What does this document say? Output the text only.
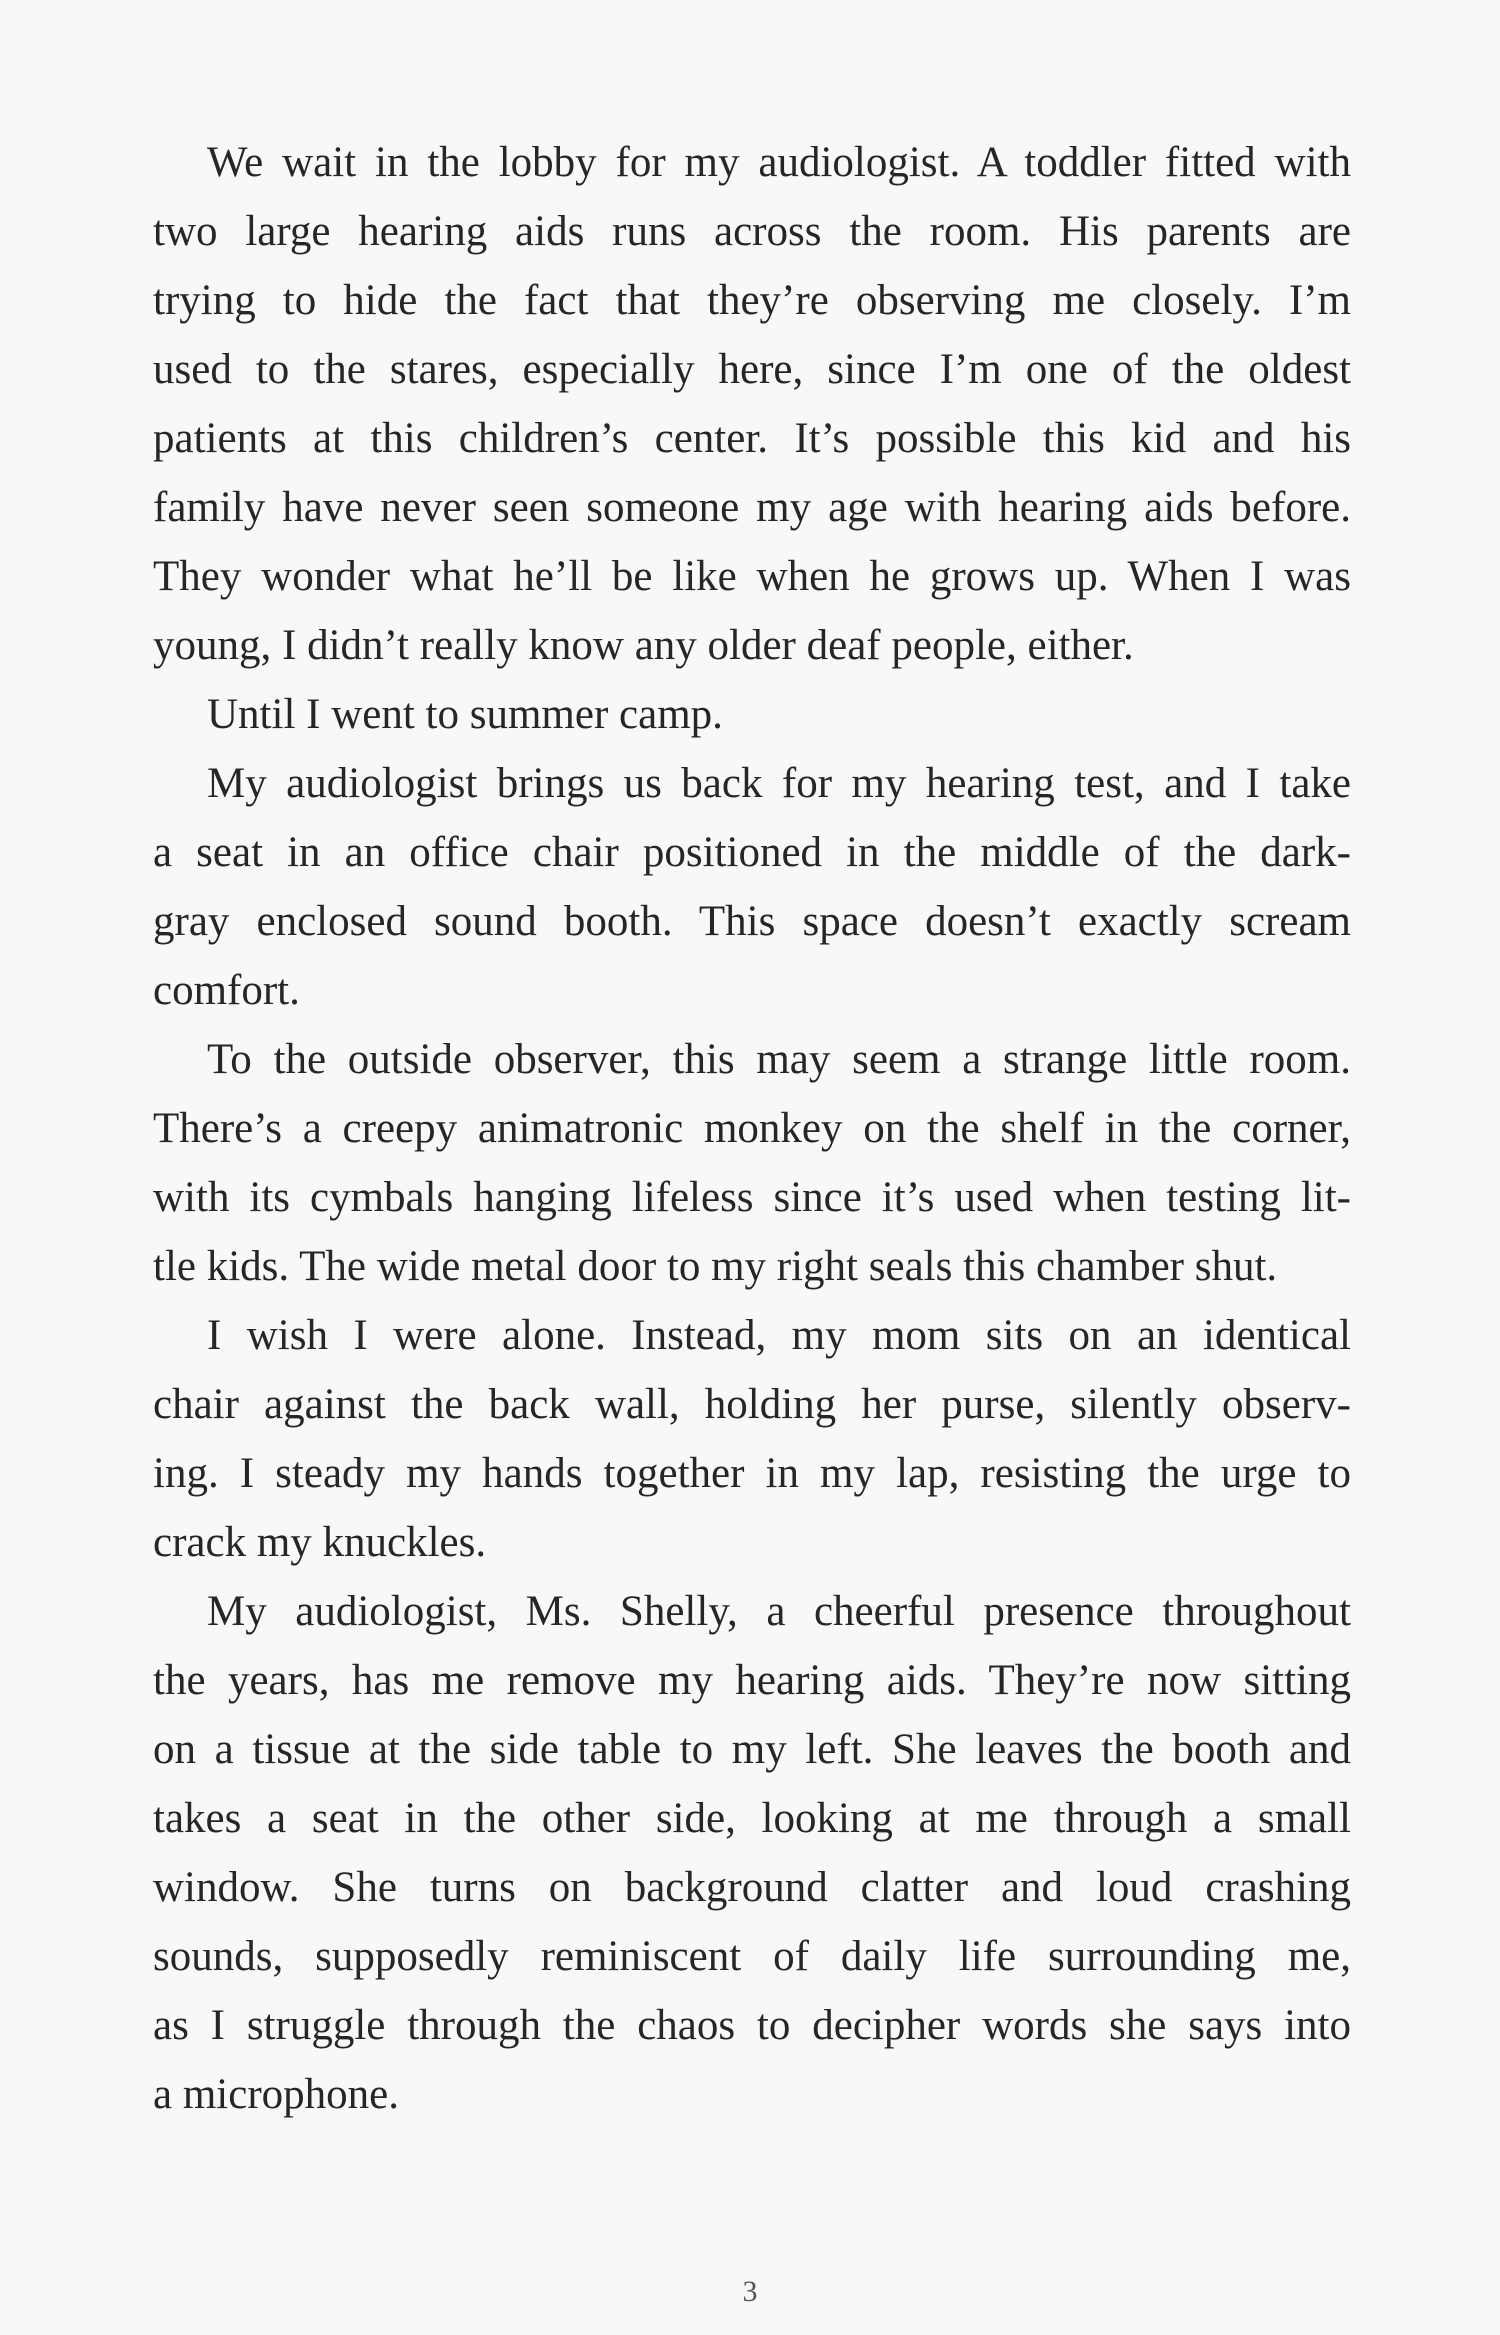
We wait in the lobby for my audiologist. A toddler fitted with
two large hearing aids runs across the room. His parents are
trying to hide the fact that they’re observing me closely. I’m
used to the stares, especially here, since I’m one of the oldest
patients at this children’s center. It’s possible this kid and his
family have never seen someone my age with hearing aids before.
They wonder what he’ll be like when he grows up. When I was
young, I didn’t really know any older deaf people, either.
Until I went to summer camp.
My audiologist brings us back for my hearing test, and I take
a seat in an office chair positioned in the middle of the dark-
gray enclosed sound booth. This space doesn’t exactly scream
comfort.
To the outside observer, this may seem a strange little room.
There’s a creepy animatronic monkey on the shelf in the corner,
with its cymbals hanging lifeless since it’s used when testing lit-
tle kids. The wide metal door to my right seals this chamber shut.
I wish I were alone. Instead, my mom sits on an identical
chair against the back wall, holding her purse, silently observ-
ing. I steady my hands together in my lap, resisting the urge to
crack my knuckles.
My audiologist, Ms. Shelly, a cheerful presence throughout
the years, has me remove my hearing aids. They’re now sitting
on a tissue at the side table to my left. She leaves the booth and
takes a seat in the other side, looking at me through a small
window. She turns on background clatter and loud crashing
sounds, supposedly reminiscent of daily life surrounding me,
as I struggle through the chaos to decipher words she says into
a microphone.
3
